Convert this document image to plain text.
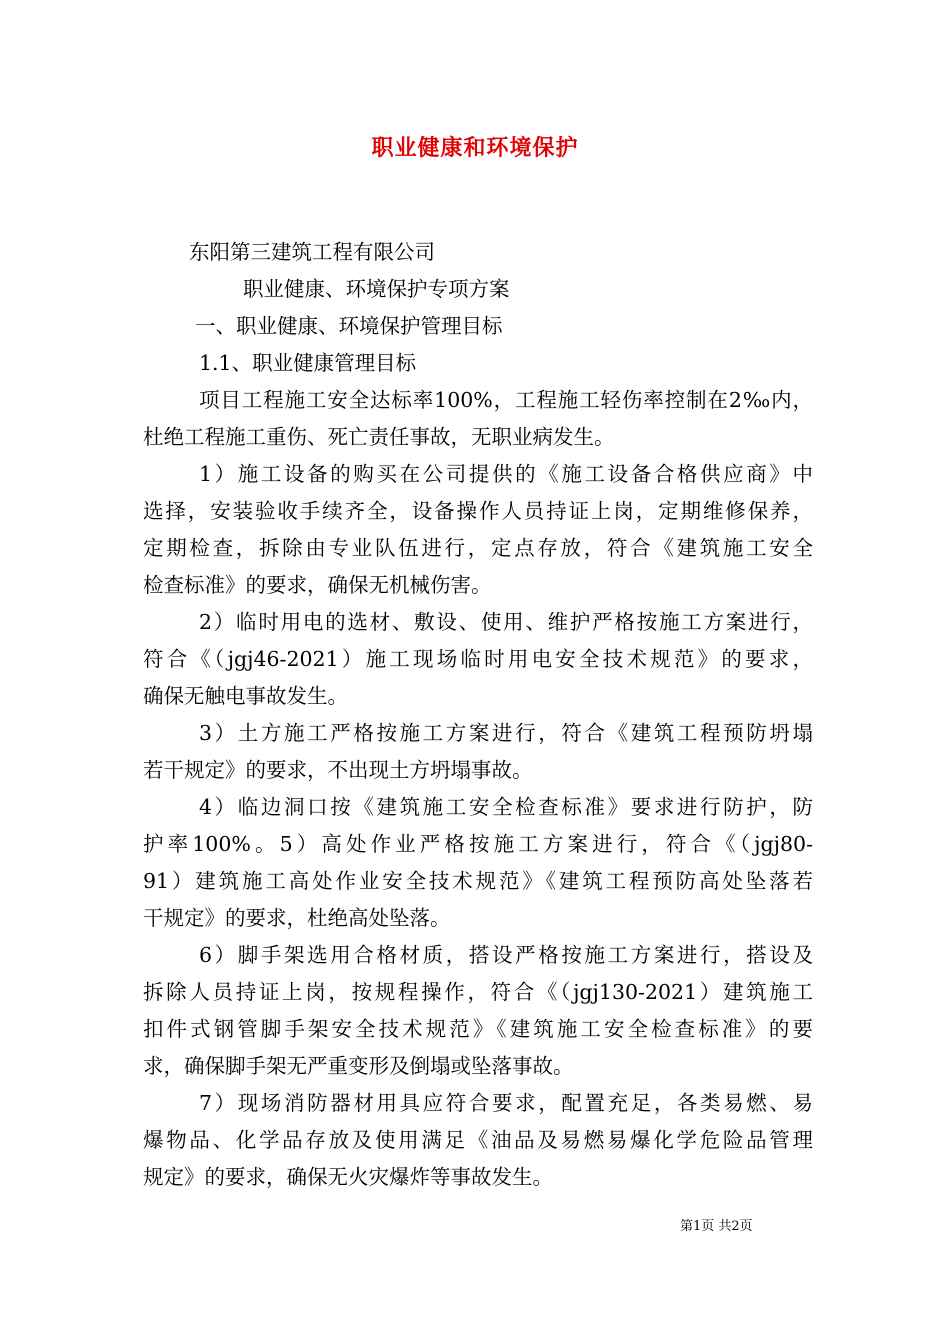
职业健康和环境保护
东阳第三建筑工程有限公司
职业健康、环境保护专项方案
一、职业健康、环境保护管理目标
1.1、职业健康管理目标
项目工程施工安全达标率100%，工程施工轻伤率控制在2‰内，
杜绝工程施工重伤、死亡责任事故，无职业病发生。
1）施工设备的购买在公司提供的《施工设备合格供应商》中
选择，安装验收手续齐全，设备操作人员持证上岗，定期维修保养，
定期检查，拆除由专业队伍进行，定点存放，符合《建筑施工安全
检查标准》的要求，确保无机械伤害。
2）临时用电的选材、敷设、使用、维护严格按施工方案进行，
符合《（jgj46-2021）施工现场临时用电安全技术规范》的要求，
确保无触电事故发生。
3）土方施工严格按施工方案进行，符合《建筑工程预防坍塌
若干规定》的要求，不出现土方坍塌事故。
4）临边洞口按《建筑施工安全检查标准》要求进行防护，防
护率100%。5）高处作业严格按施工方案进行，符合《（jgj80-
91）建筑施工高处作业安全技术规范》《建筑工程预防高处坠落若
干规定》的要求，杜绝高处坠落。
6）脚手架选用合格材质，搭设严格按施工方案进行，搭设及
拆除人员持证上岗，按规程操作，符合《（jgj130-2021）建筑施工
扣件式钢管脚手架安全技术规范》《建筑施工安全检查标准》的要
求，确保脚手架无严重变形及倒塌或坠落事故。
7）现场消防器材用具应符合要求，配置充足，各类易燃、易
爆物品、化学品存放及使用满足《油品及易燃易爆化学危险品管理
规定》的要求，确保无火灾爆炸等事故发生。
第1页 共2页
